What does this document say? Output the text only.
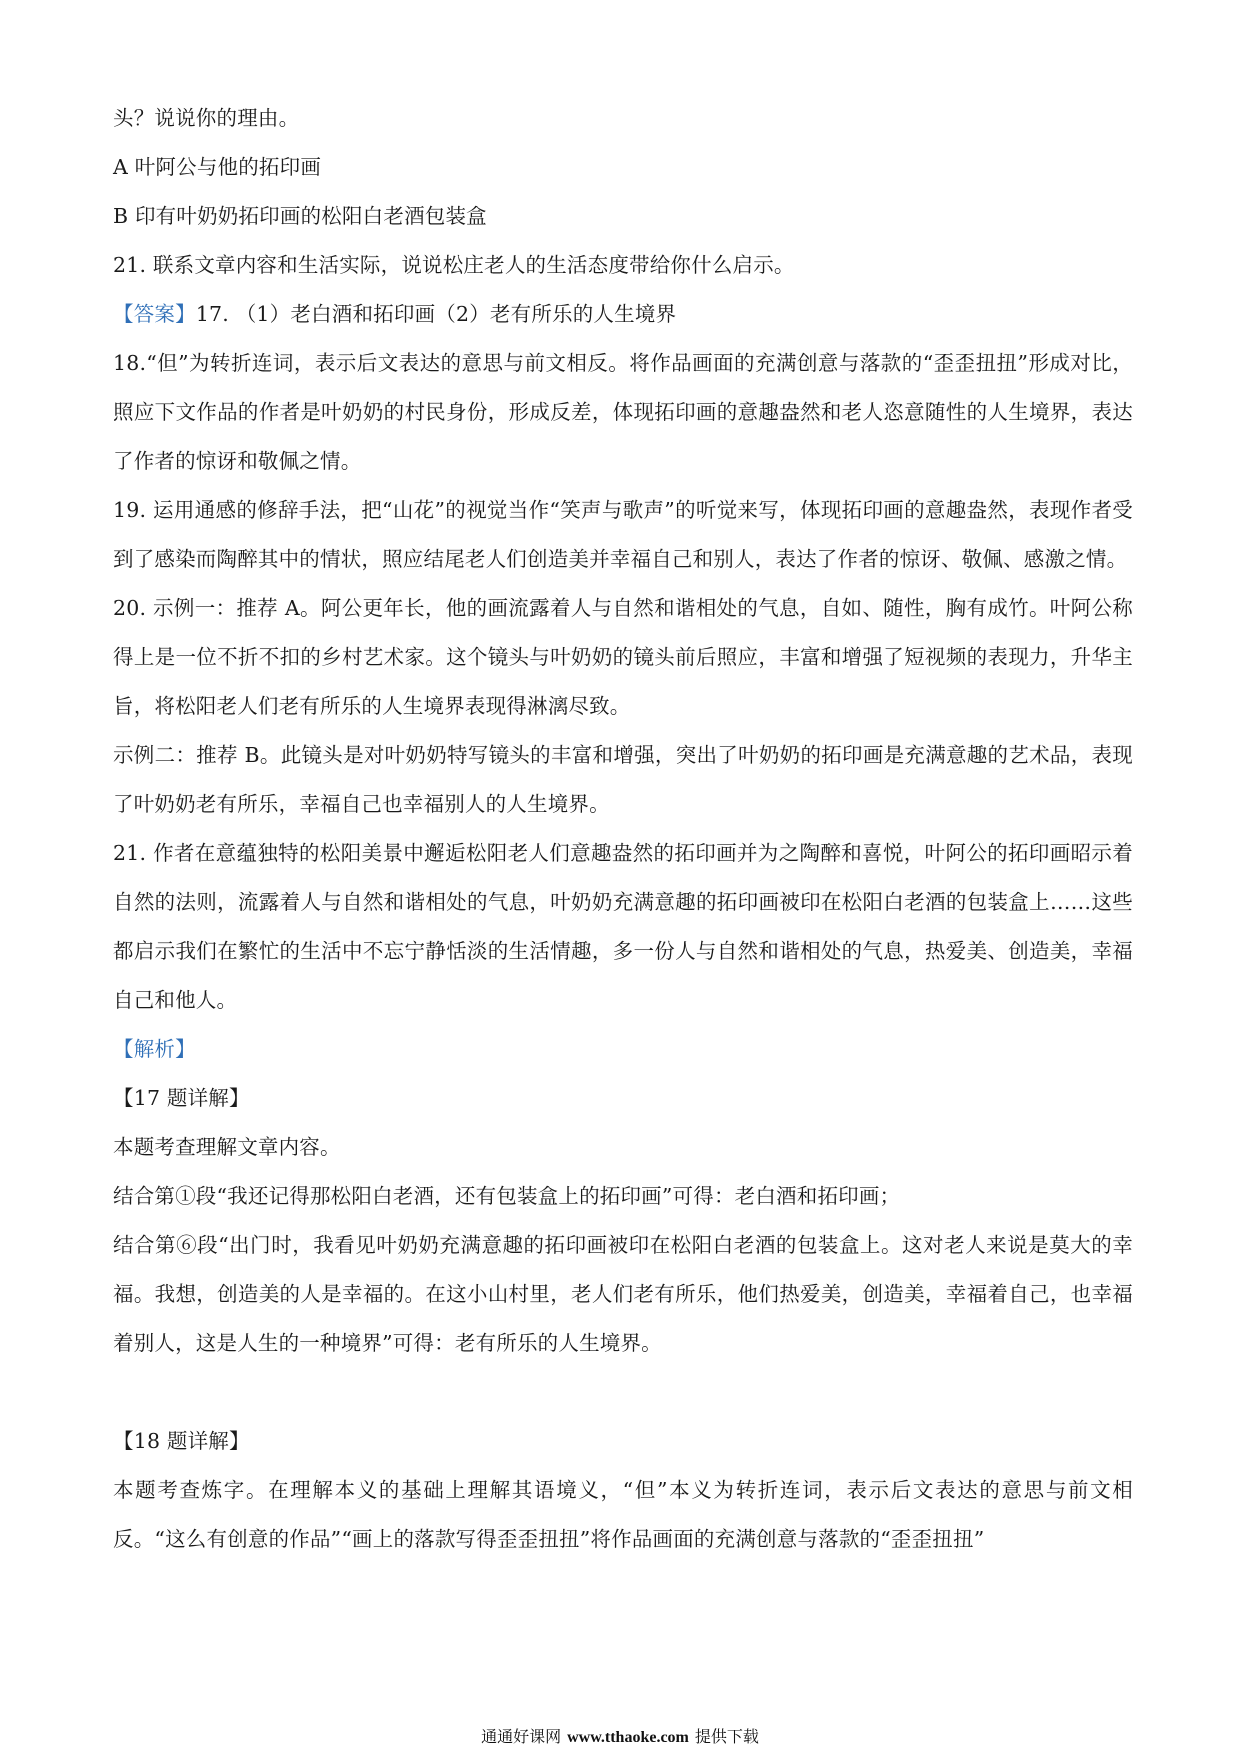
头？说说你的理由。
A 叶阿公与他的拓印画
B 印有叶奶奶拓印画的松阳白老酒包装盒
21. 联系文章内容和生活实际，说说松庄老人的生活态度带给你什么启示。
【答案】17. （1）老白酒和拓印画（2）老有所乐的人生境界
18.“但”为转折连词，表示后文表达的意思与前文相反。将作品画面的充满创意与落款的“歪歪扭扭”形成对比，照应下文作品的作者是叶奶奶的村民身份，形成反差，体现拓印画的意趣盎然和老人恣意随性的人生境界，表达了作者的惊讶和敬佩之情。
19. 运用通感的修辞手法，把“山花”的视觉当作“笑声与歌声”的听觉来写，体现拓印画的意趣盎然，表现作者受到了感染而陶醉其中的情状，照应结尾老人们创造美并幸福自己和别人，表达了作者的惊讶、敬佩、感激之情。
20. 示例一：推荐 A。阿公更年长，他的画流露着人与自然和谐相处的气息，自如、随性，胸有成竹。叶阿公称得上是一位不折不扣的乡村艺术家。这个镜头与叶奶奶的镜头前后照应，丰富和增强了短视频的表现力，升华主旨，将松阳老人们老有所乐的人生境界表现得淋漓尽致。
示例二：推荐 B。此镜头是对叶奶奶特写镜头的丰富和增强，突出了叶奶奶的拓印画是充满意趣的艺术品，表现了叶奶奶老有所乐，幸福自己也幸福别人的人生境界。
21. 作者在意蕴独特的松阳美景中邂逅松阳老人们意趣盎然的拓印画并为之陶醉和喜悦，叶阿公的拓印画昭示着自然的法则，流露着人与自然和谐相处的气息，叶奶奶充满意趣的拓印画被印在松阳白老酒的包装盒上……这些都启示我们在繁忙的生活中不忘宁静恬淡的生活情趣，多一份人与自然和谐相处的气息，热爱美、创造美，幸福自己和他人。
【解析】
【17 题详解】
本题考查理解文章内容。
结合第①段“我还记得那松阳白老酒，还有包装盒上的拓印画”可得：老白酒和拓印画；
结合第⑥段“出门时，我看见叶奶奶充满意趣的拓印画被印在松阳白老酒的包装盒上。这对老人来说是莫大的幸福。我想，创造美的人是幸福的。在这小山村里，老人们老有所乐，他们热爱美，创造美，幸福着自己，也幸福着别人，这是人生的一种境界”可得：老有所乐的人生境界。
【18 题详解】
本题考查炼字。在理解本义的基础上理解其语境义，“但”本义为转折连词，表示后文表达的意思与前文相反。“这么有创意的作品”“画上的落款写得歪歪扭扭”将作品画面的充满创意与落款的“歪歪扭扭”
通通好课网 www.tthaoke.com 提供下载
